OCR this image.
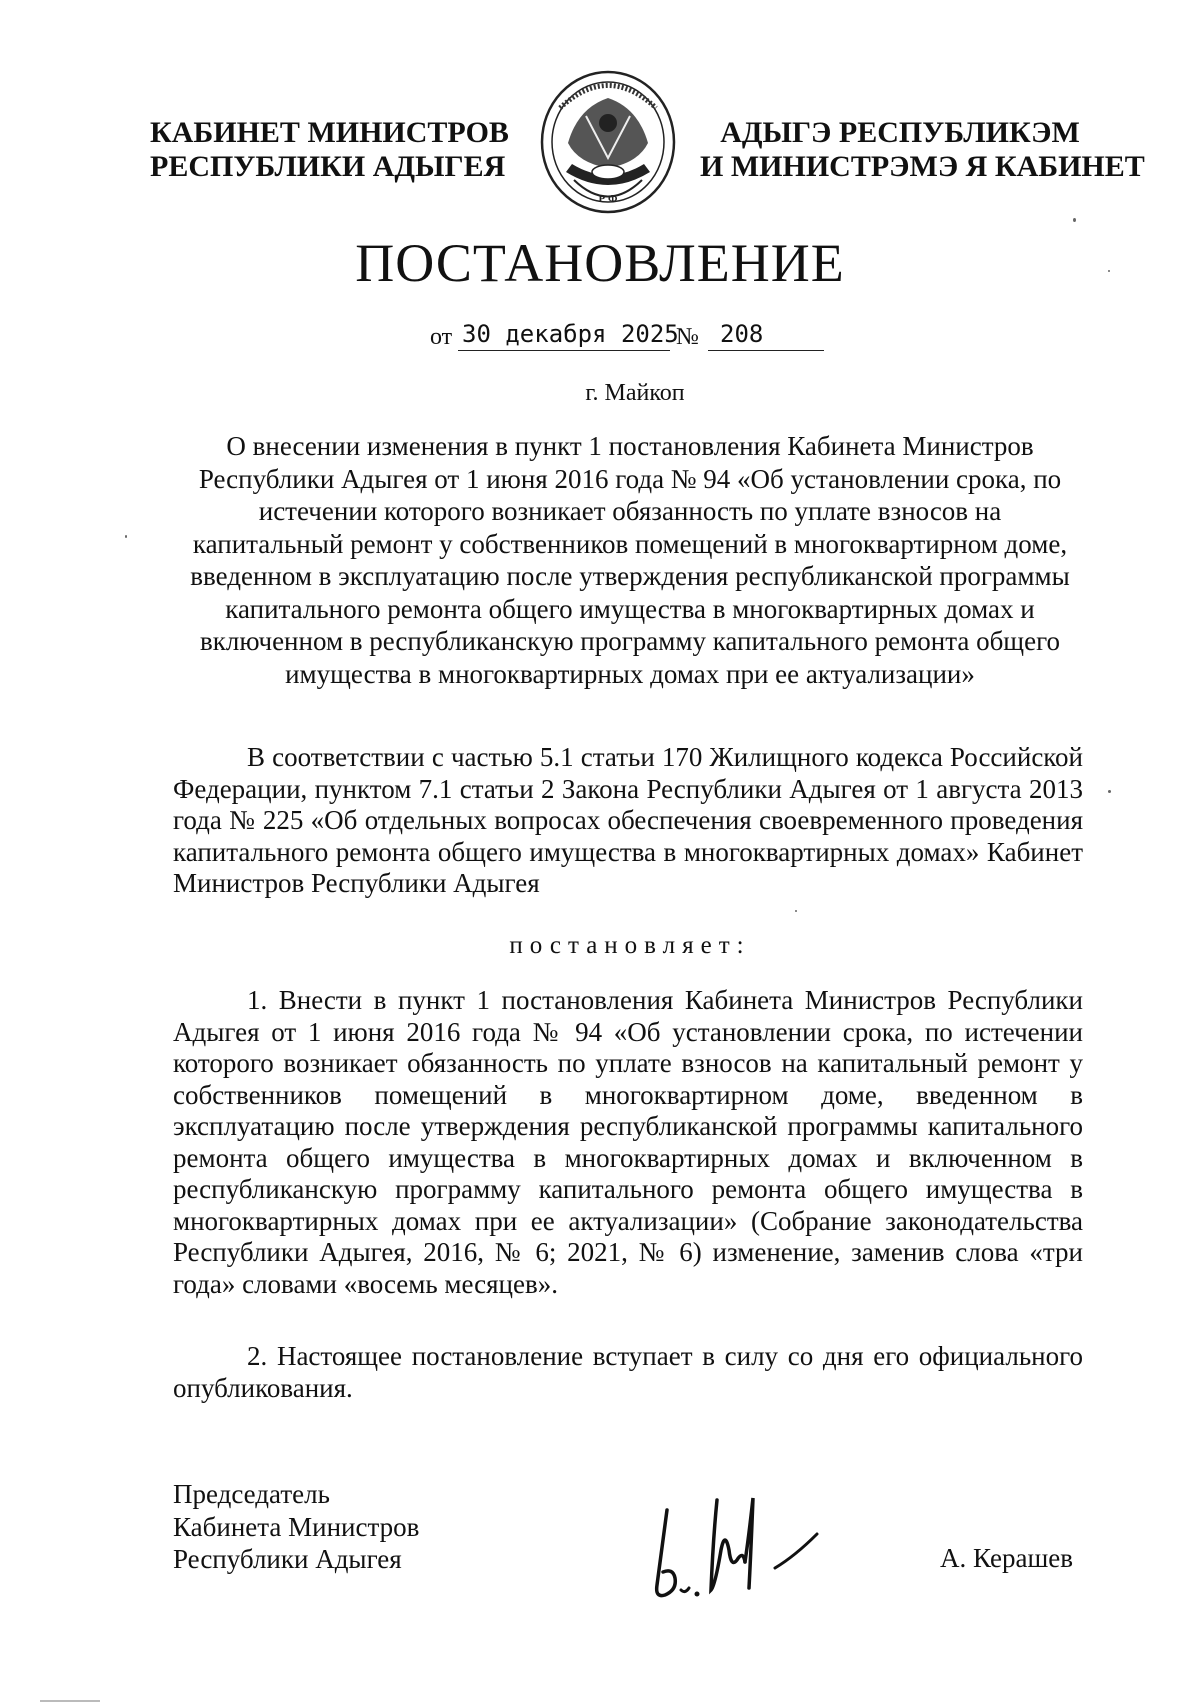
КАБИНЕТ МИНИСТРОВ
РЕСПУБЛИКИ АДЫГЕЯ
Р Ф
АДЫГЭ РЕСПУБЛИКЭМ
И МИНИСТРЭМЭ Я КАБИНЕТ
ПОСТАНОВЛЕНИЕ
от 30 декабря 2025
№ 208
г. Майкоп
О внесении изменения в пункт 1 постановления Кабинета Министров Республики Адыгея от 1 июня 2016 года № 94 «Об установлении срока, по истечении которого возникает обязанность по уплате взносов на капитальный ремонт у собственников помещений в многоквартирном доме, введенном в эксплуатацию после утверждения республиканской программы капитального ремонта общего имущества в многоквартирных домах и включенном в республиканскую программу капитального ремонта общего имущества в многоквартирных домах при ее актуализации»

В соответствии с частью 5.1 статьи 170 Жилищного кодекса Российской Федерации, пунктом 7.1 статьи 2 Закона Республики Адыгея от 1 августа 2013 года № 225 «Об отдельных вопросах обеспечения своевременного проведения капитального ремонта общего имущества в многоквартирных домах» Кабинет Министров Республики Адыгея

постановляет:

1. Внести в пункт 1 постановления Кабинета Министров Республики Адыгея от 1 июня 2016 года № 94 «Об установлении срока, по истечении которого возникает обязанность по уплате взносов на капитальный ремонт у собственников помещений в многоквартирном доме, введенном в эксплуатацию после утверждения республиканской программы капитального ремонта общего имущества в многоквартирных домах и включенном в республиканскую программу капитального ремонта общего имущества в многоквартирных домах при ее актуализации» (Собрание законодательства Республики Адыгея, 2016, № 6; 2021, № 6) изменение, заменив слова «три года» словами «восемь месяцев».

2. Настоящее постановление вступает в силу со дня его официального опубликования.

Председатель
Кабинета Министров
Республики Адыгея	А. Керашев
